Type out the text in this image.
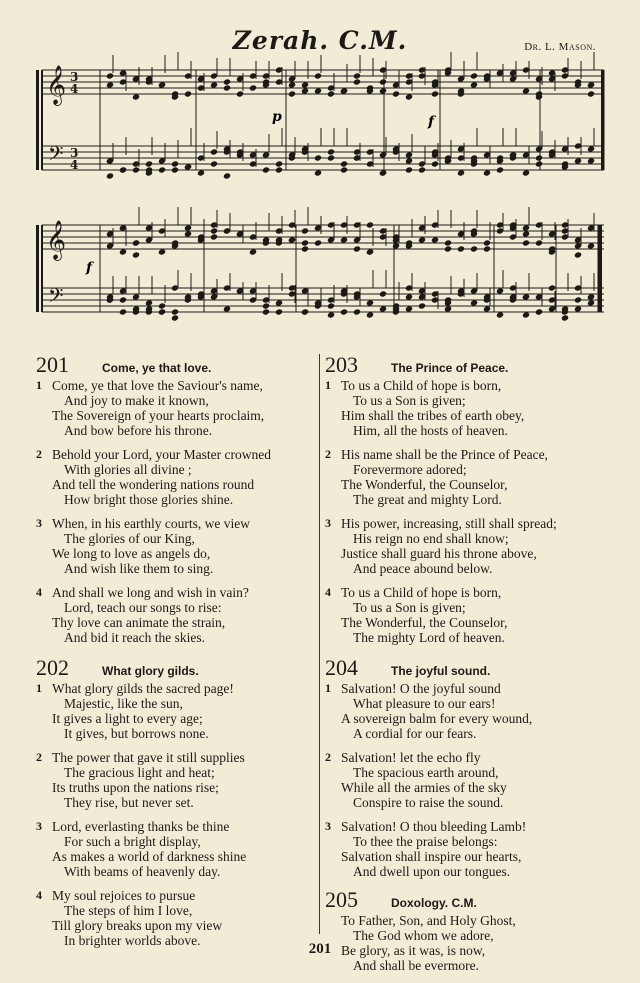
Zerah. C.M.	Dr. L. Mason.
𝄞
𝄢
𝄞
𝄢
3
4
3
4
p	f
f
201	Come, ye that love.
1 Come, ye that love the Saviour's name,
And joy to make it known,
The Sovereign of your hearts proclaim,
And bow before his throne.
2 Behold your Lord, your Master crowned
With glories all divine ;
And tell the wondering nations round
How bright those glories shine.
3 When, in his earthly courts, we view
The glories of our King,
We long to love as angels do,
And wish like them to sing.
4 And shall we long and wish in vain?
Lord, teach our songs to rise:
Thy love can animate the strain,
And bid it reach the skies.
202	What glory gilds.
1 What glory gilds the sacred page!
Majestic, like the sun,
It gives a light to every age;
It gives, but borrows none.
2 The power that gave it still supplies
The gracious light and heat;
Its truths upon the nations rise;
They rise, but never set.
3 Lord, everlasting thanks be thine
For such a bright display,
As makes a world of darkness shine
With beams of heavenly day.
4 My soul rejoices to pursue
The steps of him I love,
Till glory breaks upon my view
In brighter worlds above.
203	The Prince of Peace.
1 To us a Child of hope is born,
To us a Son is given;
Him shall the tribes of earth obey,
Him, all the hosts of heaven.
2 His name shall be the Prince of Peace,
Forevermore adored;
The Wonderful, the Counselor,
The great and mighty Lord.
3 His power, increasing, still shall spread;
His reign no end shall know;
Justice shall guard his throne above,
And peace abound below.
4 To us a Child of hope is born,
To us a Son is given;
The Wonderful, the Counselor,
The mighty Lord of heaven.
204	The joyful sound.
1 Salvation! O the joyful sound
What pleasure to our ears!
A sovereign balm for every wound,
A cordial for our fears.
2 Salvation! let the echo fly
The spacious earth around,
While all the armies of the sky
Conspire to raise the sound.
3 Salvation! O thou bleeding Lamb!
To thee the praise belongs:
Salvation shall inspire our hearts,
And dwell upon our tongues.
205	Doxology. C.M.
To Father, Son, and Holy Ghost,
The God whom we adore,
Be glory, as it was, is now,
And shall be evermore.
201
